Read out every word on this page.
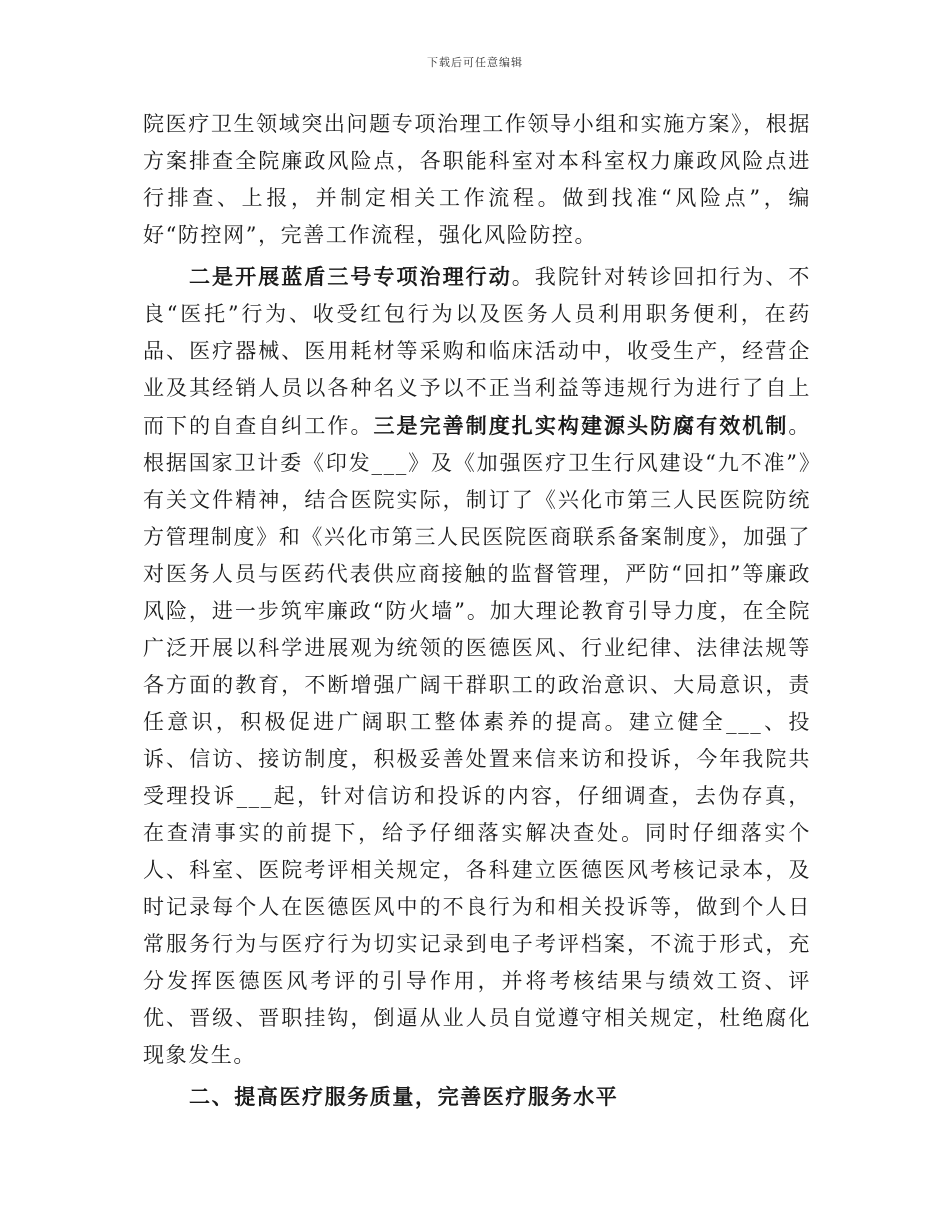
下载后可任意编辑

院医疗卫生领域突出问题专项治理工作领导小组和实施方案》，根据方案排查全院廉政风险点，各职能科室对本科室权力廉政风险点进行排查、上报，并制定相关工作流程。做到找准“风险点”，编好“防控网”，完善工作流程，强化风险防控。

二是开展蓝盾三号专项治理行动。我院针对转诊回扣行为、不良“医托”行为、收受红包行为以及医务人员利用职务便利，在药品、医疗器械、医用耗材等采购和临床活动中，收受生产，经营企业及其经销人员以各种名义予以不正当利益等违规行为进行了自上而下的自查自纠工作。三是完善制度扎实构建源头防腐有效机制。根据国家卫计委《印发___》及《加强医疗卫生行风建设“九不准”》有关文件精神，结合医院实际，制订了《兴化市第三人民医院防统方管理制度》和《兴化市第三人民医院医商联系备案制度》，加强了对医务人员与医药代表供应商接触的监督管理，严防“回扣”等廉政风险，进一步筑牢廉政“防火墙”。加大理论教育引导力度，在全院广泛开展以科学进展观为统领的医德医风、行业纪律、法律法规等各方面的教育，不断增强广阔干群职工的政治意识、大局意识，责任意识，积极促进广阔职工整体素养的提高。建立健全___、投诉、信访、接访制度，积极妥善处置来信来访和投诉，今年我院共受理投诉___起，针对信访和投诉的内容，仔细调查，去伪存真，在查清事实的前提下，给予仔细落实解决查处。同时仔细落实个人、科室、医院考评相关规定，各科建立医德医风考核记录本，及时记录每个人在医德医风中的不良行为和相关投诉等，做到个人日常服务行为与医疗行为切实记录到电子考评档案，不流于形式，充分发挥医德医风考评的引导作用，并将考核结果与绩效工资、评优、晋级、晋职挂钩，倒逼从业人员自觉遵守相关规定，杜绝腐化现象发生。

二、提高医疗服务质量，完善医疗服务水平
